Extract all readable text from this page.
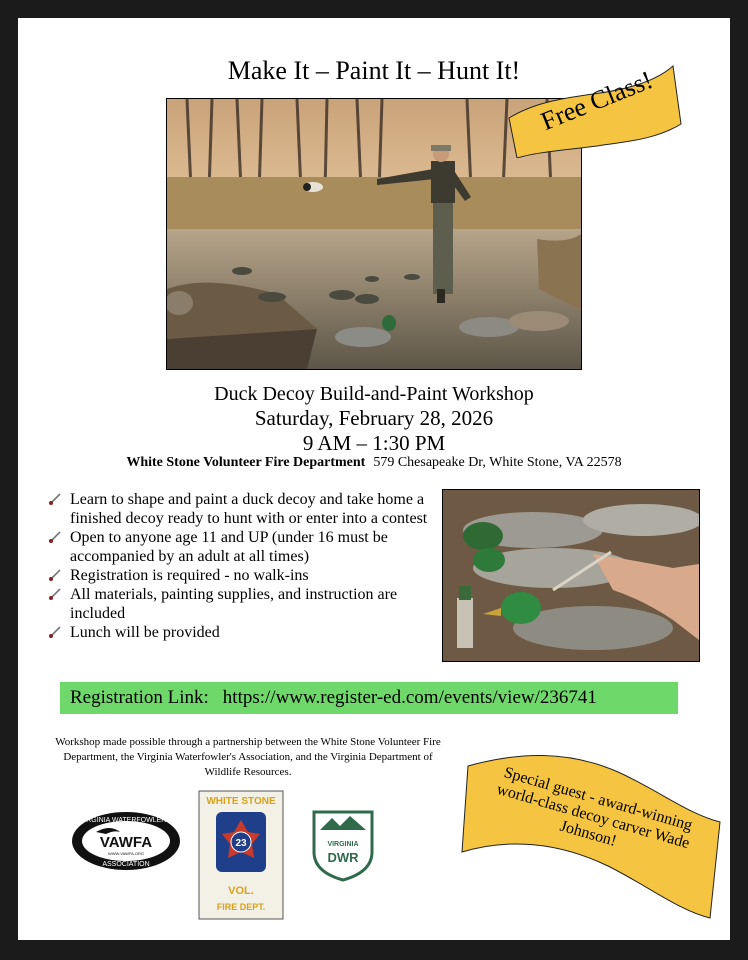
Make It – Paint It – Hunt It! Free Class!
Duck Decoy Build-and-Paint Workshop
Saturday, February 28, 2026
9 AM – 1:30 PM
White Stone Volunteer Fire Department 579 Chesapeake Dr, White Stone, VA 22578
Learn to shape and paint a duck decoy and take home a finished decoy ready to hunt with or enter into a contest
Open to anyone age 11 and UP (under 16 must be accompanied by an adult at all times)
Registration is required - no walk-ins
All materials, painting supplies, and instruction are included
Lunch will be provided
Registration Link: https://www.register-ed.com/events/view/236741
Workshop made possible through a partnership between the White Stone Volunteer Fire Department, the Virginia Waterfowler's Association, and the Virginia Department of Wildlife Resources.	Special guest - award-winning world-class decoy carver Wade Johnson!
VIRGINIA WATERFOWLERS'
VAWFA
WWW.VAWFA.ORG
ASSOCIATION
WHITE STONE
23
VOL.
FIRE DEPT.
VIRGINIA
DWR
